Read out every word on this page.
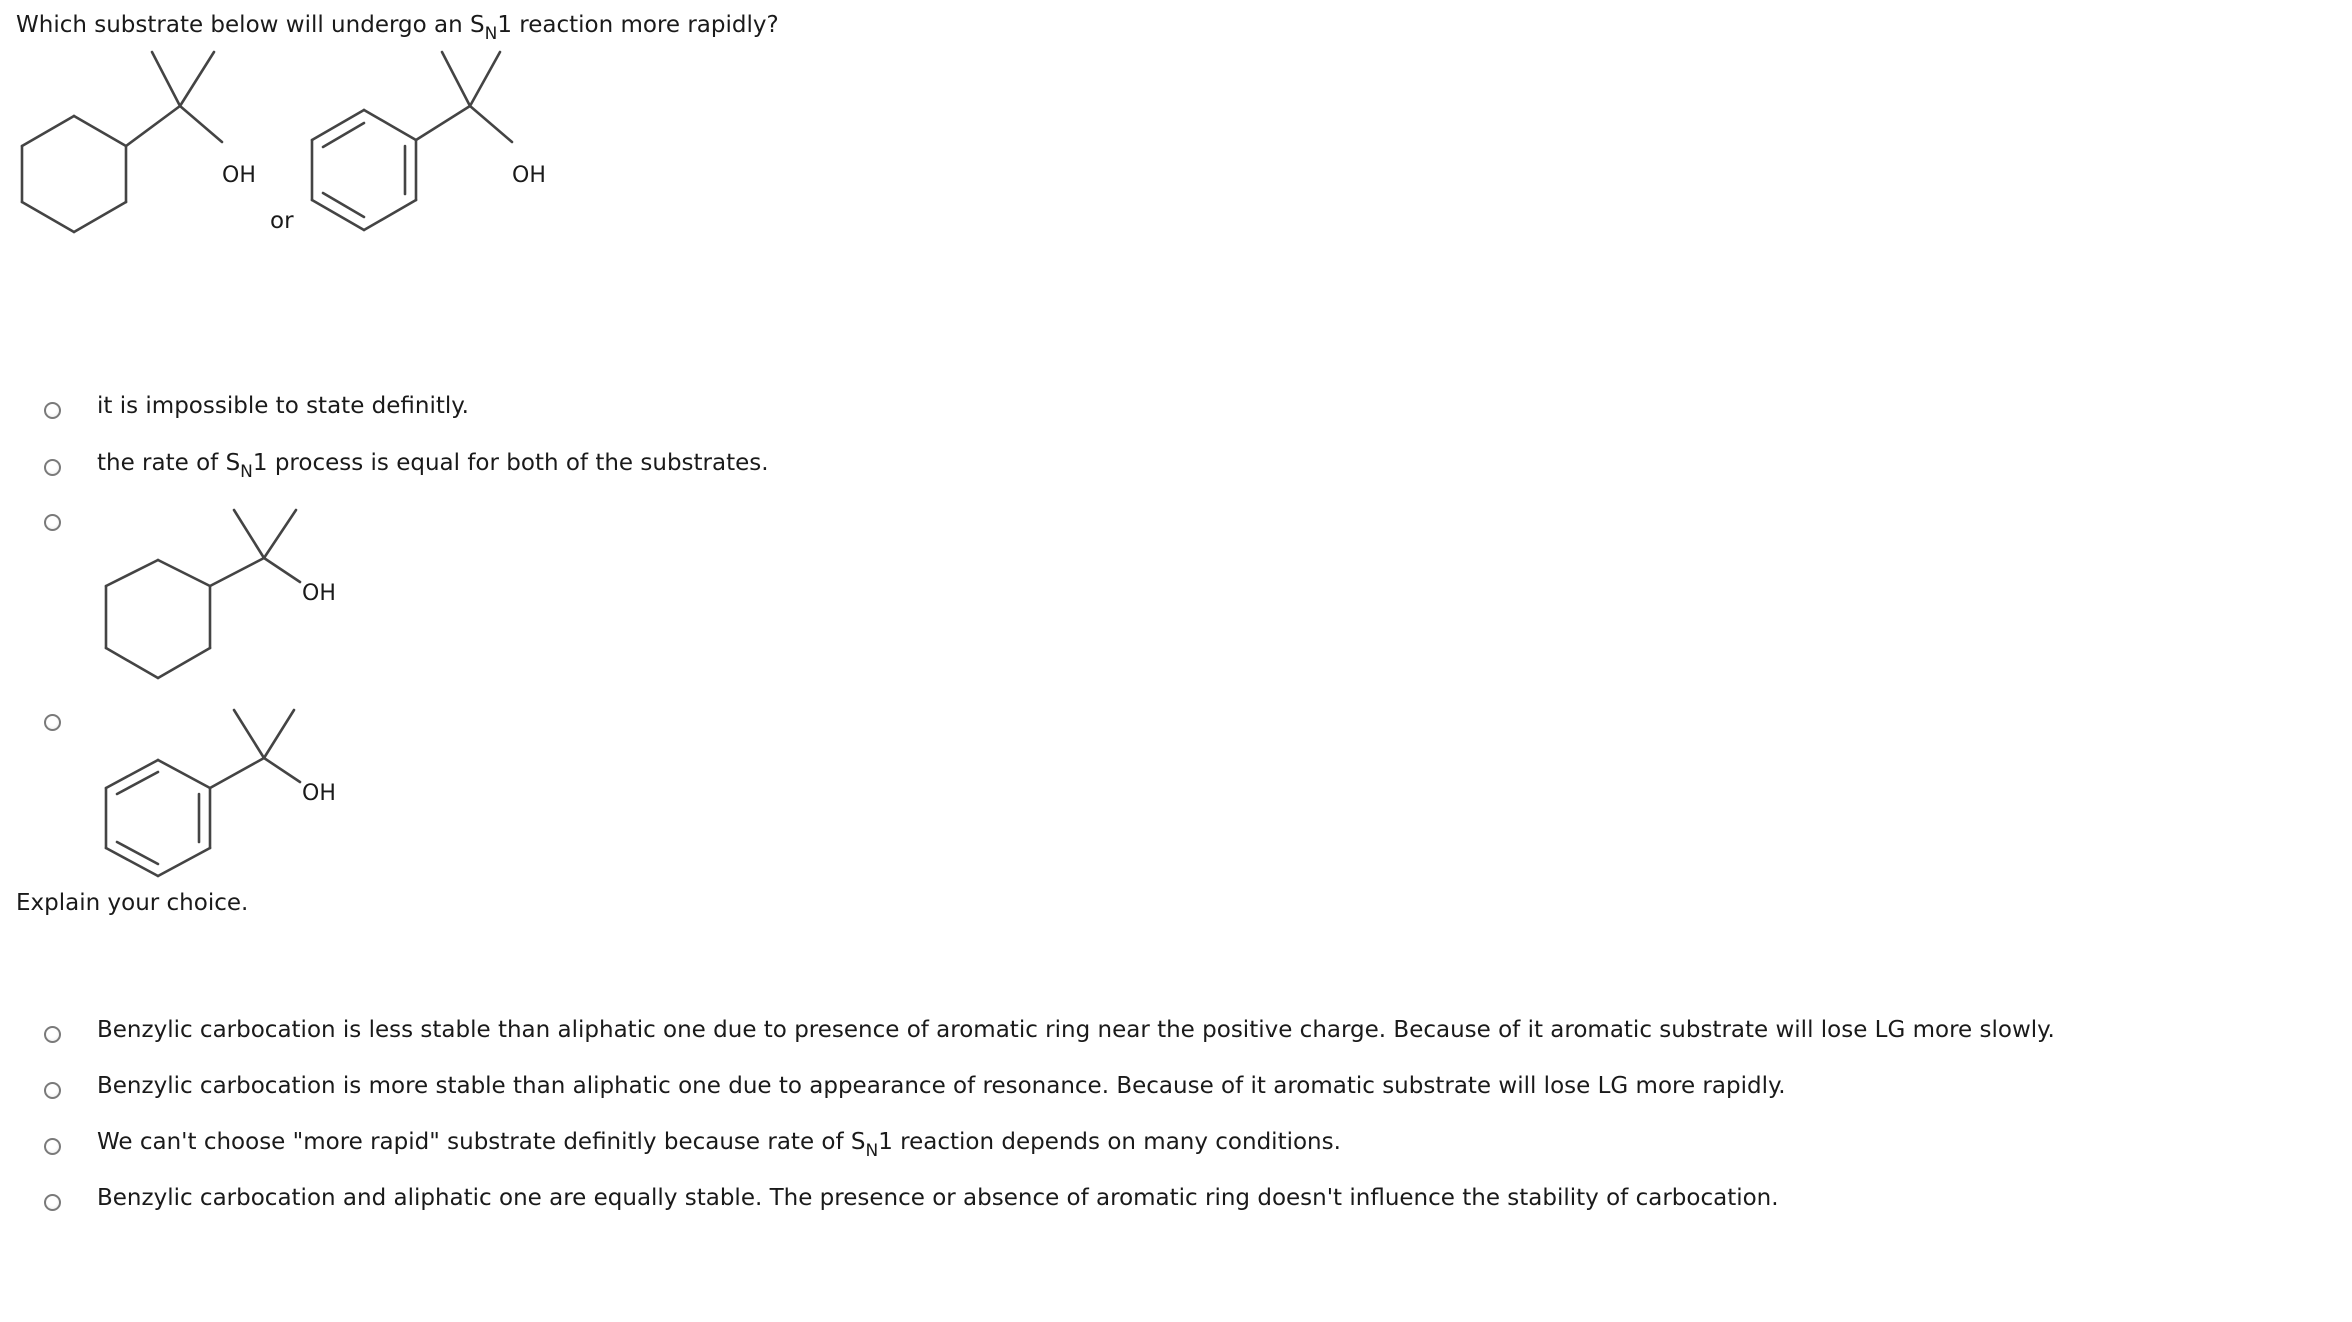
Which substrate below will undergo an $S_N1$ reaction more rapidly?
OH
or
OH
it is impossible to state definitly.
the rate of $S_N1$ process is equal for both of the substrates.
OH
OH
Explain your choice.
Benzylic carbocation is less stable than aliphatic one due to presence of aromatic ring near the positive charge. Because of it aromatic substrate will lose LG more slowly.
Benzylic carbocation is more stable than aliphatic one due to appearance of resonance. Because of it aromatic substrate will lose LG more rapidly.
We can't choose "more rapid" substrate definitly because rate of $S_N1$ reaction depends on many conditions.
Benzylic carbocation and aliphatic one are equally stable. The presence or absence of aromatic ring doesn't influence the stability of carbocation.
